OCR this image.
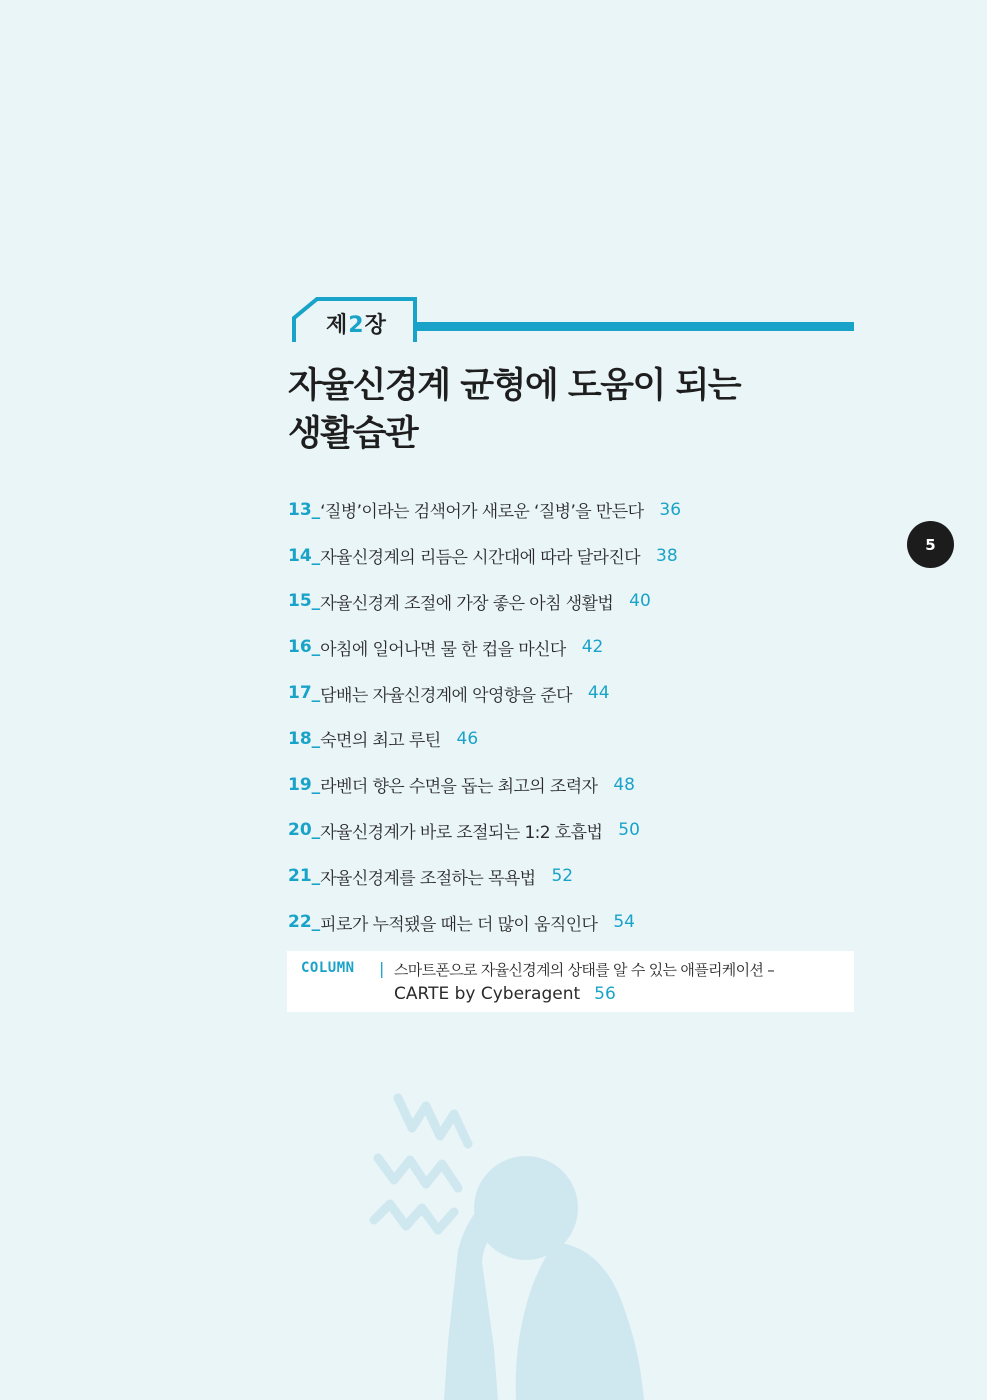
제2장
자율신경계 균형에 도움이 되는
생활습관
13_ ‘질병’이라는 검색어가 새로운 ‘질병’을 만든다 36
14_ 자율신경계의 리듬은 시간대에 따라 달라진다 38
15_ 자율신경계 조절에 가장 좋은 아침 생활법 40
16_ 아침에 일어나면 물 한 컵을 마신다 42
17_ 담배는 자율신경계에 악영향을 준다 44
18_ 숙면의 최고 루틴 46
19_ 라벤더 향은 수면을 돕는 최고의 조력자 48
20_ 자율신경계가 바로 조절되는 1:2 호흡법 50
21_ 자율신경계를 조절하는 목욕법 52
22_ 피로가 누적됐을 때는 더 많이 움직인다 54
COLUMN | 스마트폰으로 자율신경계의 상태를 알 수 있는 애플리케이션 –
CARTE by Cyberagent 56
5
